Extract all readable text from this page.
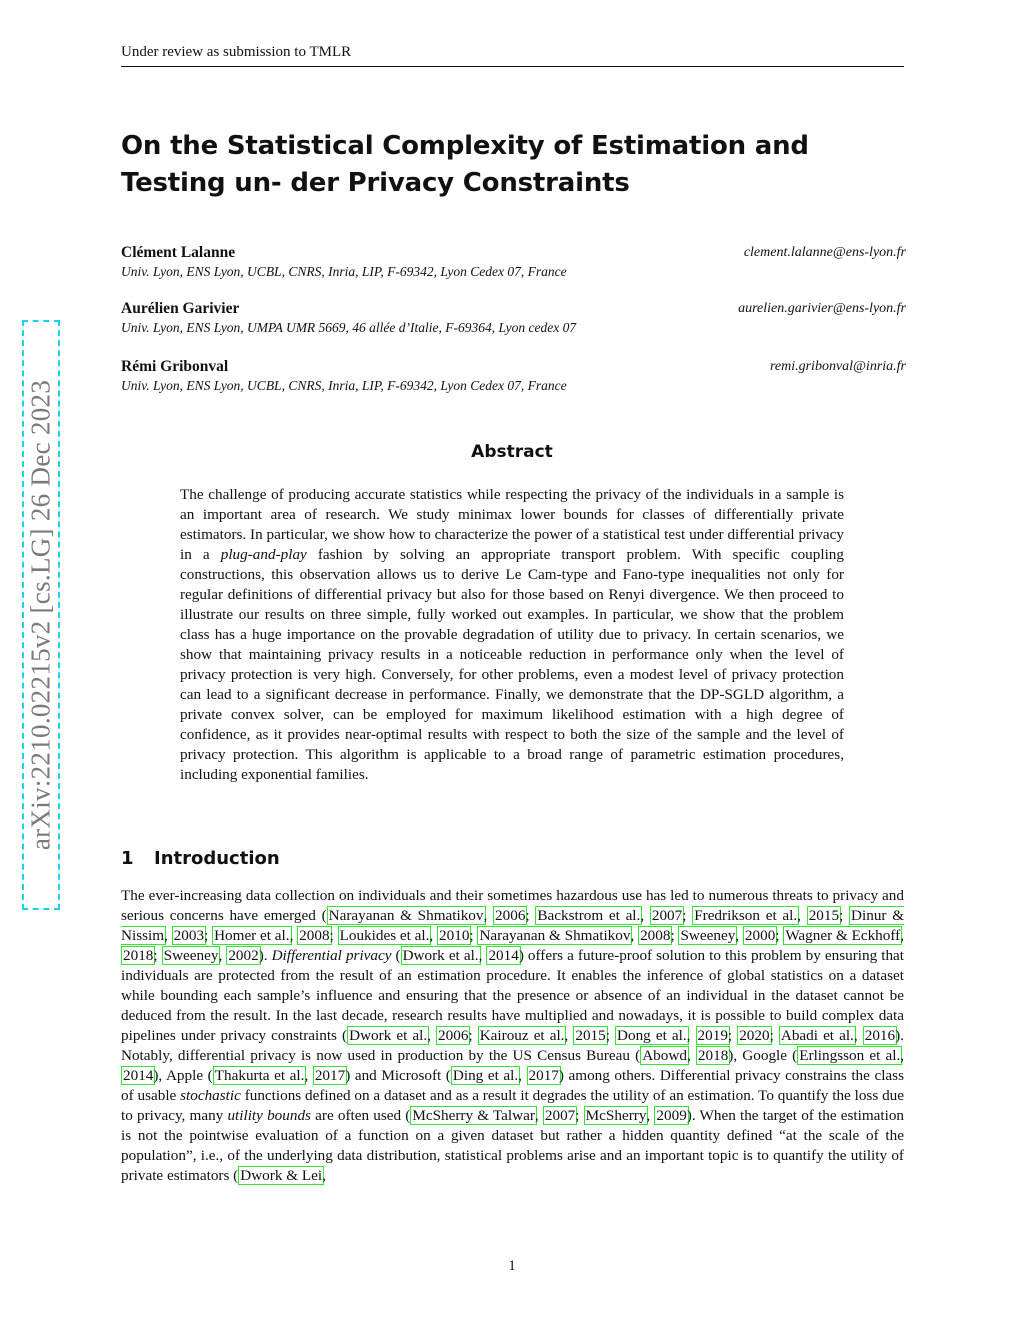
Under review as submission to TMLR
arXiv:2210.02215v2 [cs.LG] 26 Dec 2023
On the Statistical Complexity of Estimation and Testing un- der Privacy Constraints
Clément Lalanne	clement.lalanne@ens-lyon.fr
Univ. Lyon, ENS Lyon, UCBL, CNRS, Inria, LIP, F-69342, Lyon Cedex 07, France
Aurélien Garivier	aurelien.garivier@ens-lyon.fr
Univ. Lyon, ENS Lyon, UMPA UMR 5669, 46 allée d’Italie, F-69364, Lyon cedex 07
Rémi Gribonval	remi.gribonval@inria.fr
Univ. Lyon, ENS Lyon, UCBL, CNRS, Inria, LIP, F-69342, Lyon Cedex 07, France
Abstract
The challenge of producing accurate statistics while respecting the privacy of the individuals in a sample is an important area of research. We study minimax lower bounds for classes of differentially private estimators. In particular, we show how to characterize the power of a statistical test under differential privacy in a plug-and-play fashion by solving an appropriate transport problem. With specific coupling constructions, this observation allows us to derive Le Cam-type and Fano-type inequalities not only for regular definitions of differential privacy but also for those based on Renyi divergence. We then proceed to illustrate our results on three simple, fully worked out examples. In particular, we show that the problem class has a huge importance on the provable degradation of utility due to privacy. In certain scenarios, we show that maintaining privacy results in a noticeable reduction in performance only when the level of privacy protection is very high. Conversely, for other problems, even a modest level of privacy protection can lead to a significant decrease in performance. Finally, we demonstrate that the DP-SGLD algorithm, a private convex solver, can be employed for maximum likelihood estimation with a high degree of confidence, as it provides near-optimal results with respect to both the size of the sample and the level of privacy protection. This algorithm is applicable to a broad range of parametric estimation procedures, including exponential families.
1 Introduction
The ever-increasing data collection on individuals and their sometimes hazardous use has led to numerous threats to privacy and serious concerns have emerged ( Narayanan & Shmatikov, 2006; Backstrom et al., 2007; Fredrikson et al., 2015; Dinur & Nissim, 2003; Homer et al., 2008; Loukides et al., 2010; Narayanan & Shmatikov, 2008; Sweeney, 2000; Wagner & Eckhoff, 2018; Sweeney, 2002). Differential privacy ( Dwork et al., 2014) offers a future-proof solution to this problem by ensuring that individuals are protected from the result of an estimation procedure. It enables the inference of global statistics on a dataset while bounding each sample’s influence and ensuring that the presence or absence of an individual in the dataset cannot be deduced from the result. In the last decade, research results have multiplied and nowadays, it is possible to build complex data pipelines under privacy constraints ( Dwork et al., 2006; Kairouz et al., 2015; Dong et al., 2019; 2020; Abadi et al., 2016). Notably, differential privacy is now used in production by the US Census Bureau ( Abowd, 2018), Google ( Erlingsson et al., 2014), Apple ( Thakurta et al., 2017) and Microsoft ( Ding et al., 2017) among others. Differential privacy constrains the class of usable stochastic functions defined on a dataset and as a result it degrades the utility of an estimation. To quantify the loss due to privacy, many utility bounds are often used ( McSherry & Talwar, 2007; McSherry, 2009). When the target of the estimation is not the pointwise evaluation of a function on a given dataset but rather a hidden quantity defined “at the scale of the population”, i.e., of the underlying data distribution, statistical problems arise and an important topic is to quantify the utility of private estimators ( Dwork & Lei,
1
